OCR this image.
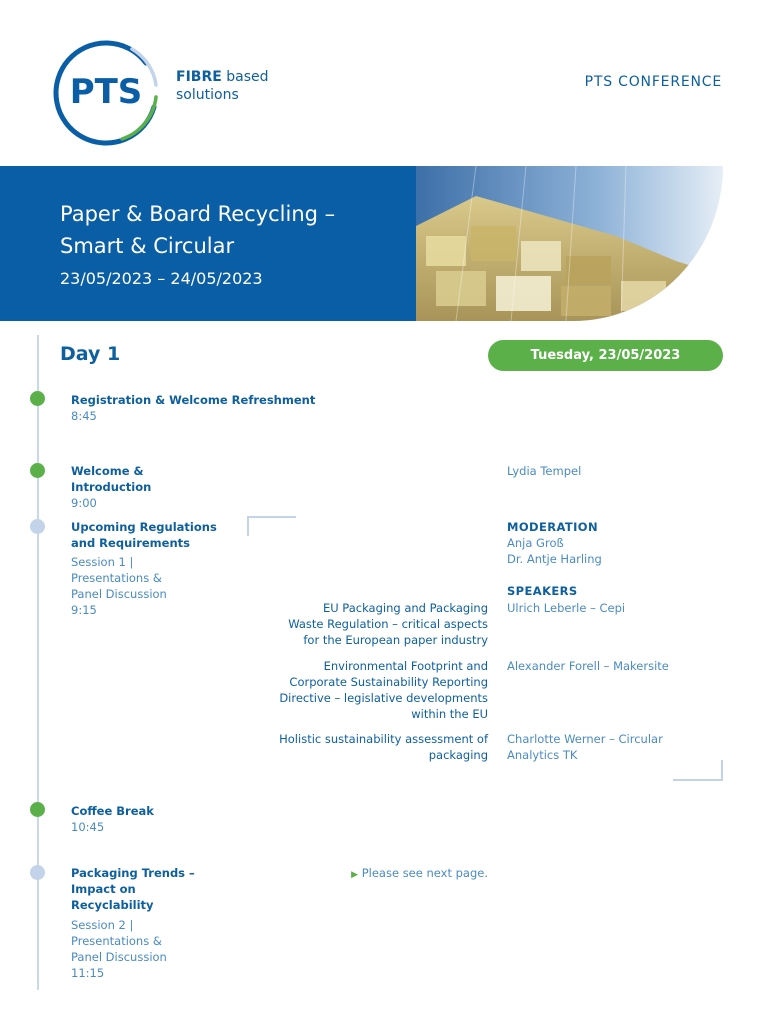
PTS FIBRE based
solutions
PTS CONFERENCE
Paper & Board Recycling –
Smart & Circular
23/05/2023 – 24/05/2023
Day 1	Tuesday, 23/05/2023
Registration & Welcome Refreshment
8:45
Welcome &
Introduction
9:00
Lydia Tempel
Upcoming Regulations
and Requirements
Session 1 |
Presentations &
Panel Discussion
9:15
MODERATION
Anja Groß
Dr. Antje Harling
SPEAKERS
EU Packaging and Packaging
Waste Regulation – critical aspects
for the European paper industry
Ulrich Leberle – Cepi
Environmental Footprint and
Corporate Sustainability Reporting
Directive – legislative developments
within the EU
Alexander Forell – Makersite
Holistic sustainability assessment of
packaging
Charlotte Werner – Circular
Analytics TK
Coffee Break
10:45
Packaging Trends –
Impact on
Recyclability
Session 2 |
Presentations &
Panel Discussion
11:15
▶ Please see next page.
